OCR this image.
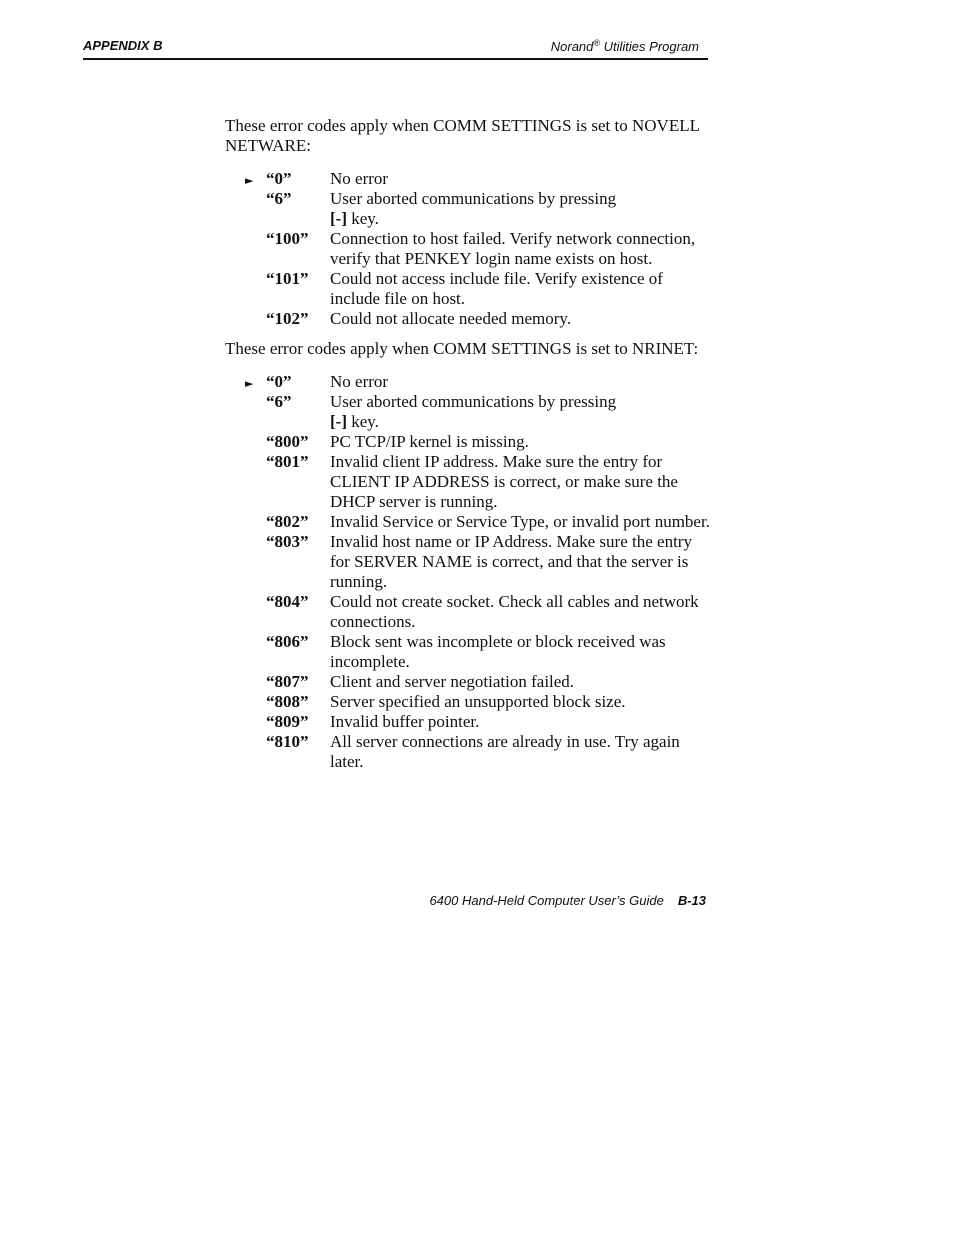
APPENDIX B	Norand® Utilities Program

These error codes apply when COMM SETTINGS is set to NOVELL NETWARE:

► “0” No error
“6” User aborted communications by pressing
[-] key.
“100” Connection to host failed. Verify network connection, verify that PENKEY login name exists on host.
“101” Could not access include file. Verify existence of include file on host.
“102” Could not allocate needed memory.

These error codes apply when COMM SETTINGS is set to NRINET:

► “0” No error
“6” User aborted communications by pressing
[-] key.
“800” PC TCP/IP kernel is missing.
“801” Invalid client IP address. Make sure the entry for CLIENT IP ADDRESS is correct, or make sure the DHCP server is running.
“802” Invalid Service or Service Type, or invalid port number.
“803” Invalid host name or IP Address. Make sure the entry for SERVER NAME is correct, and that the server is running.
“804” Could not create socket. Check all cables and network connections.
“806” Block sent was incomplete or block received was incomplete.
“807” Client and server negotiation failed.
“808” Server specified an unsupported block size.
“809” Invalid buffer pointer.
“810” All server connections are already in use. Try again later.
6400 Hand-Held Computer User’s Guide B-13
